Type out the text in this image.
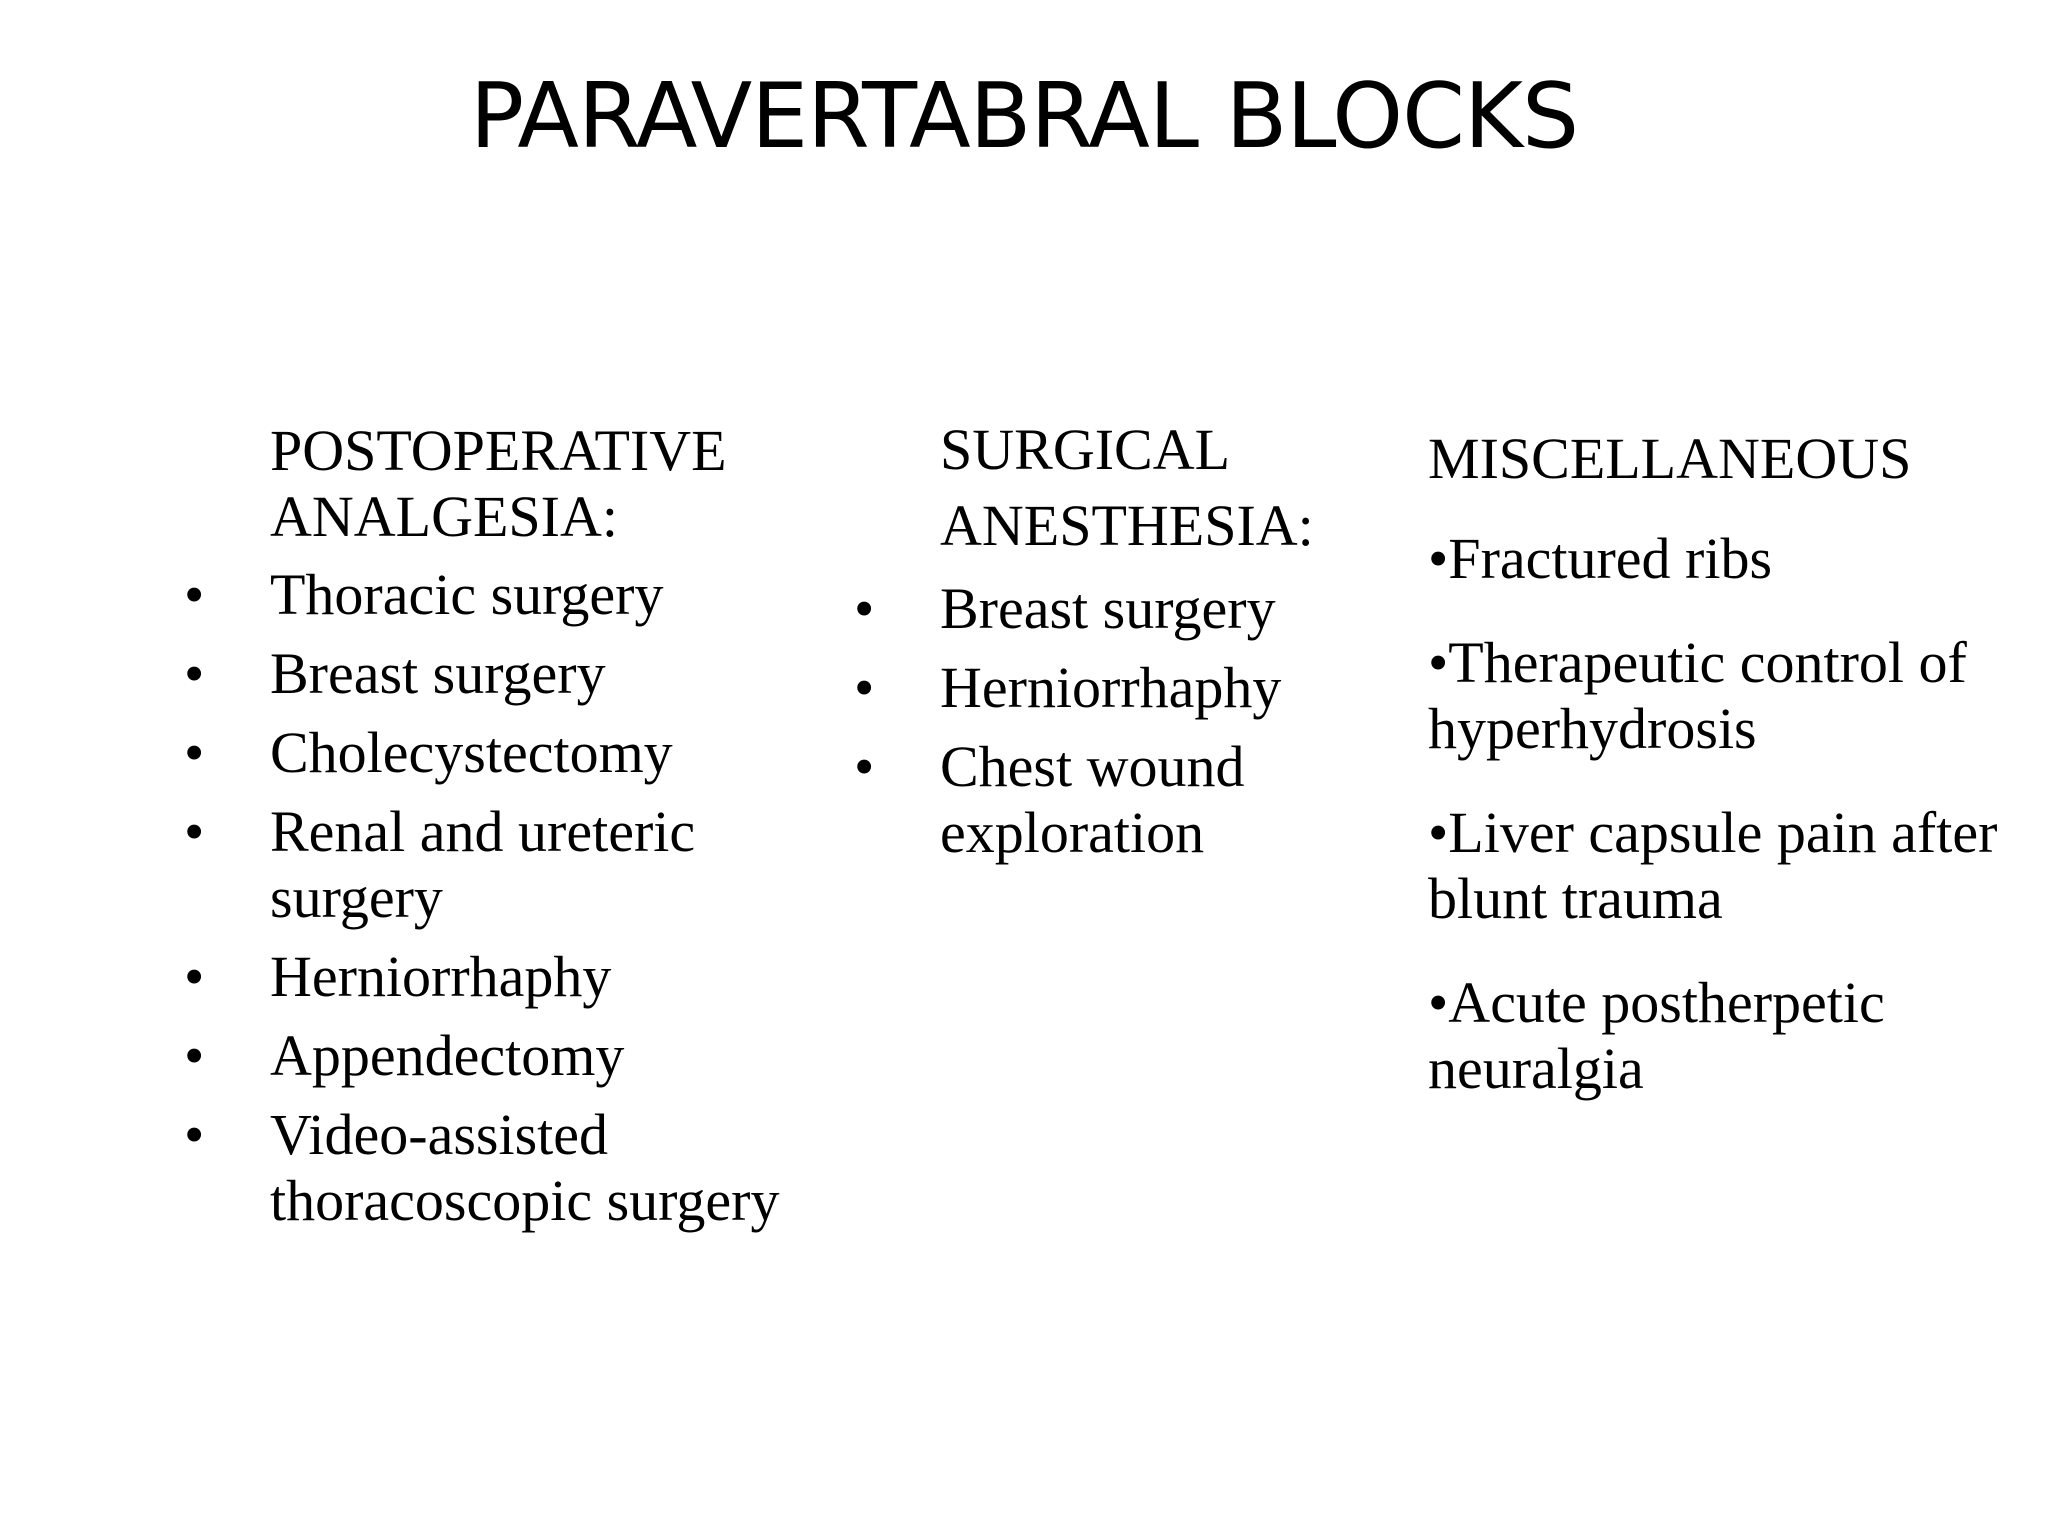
PARAVERTABRAL BLOCKS
POSTOPERATIVE
ANALGESIA:
• Thoracic surgery
• Breast surgery
• Cholecystectomy
• Renal and ureteric surgery
• Herniorrhaphy
• Appendectomy
• Video-assisted thoracoscopic surgery
SURGICAL
ANESTHESIA:
• Breast surgery
• Herniorrhaphy
• Chest wound exploration
MISCELLANEOUS
•Fractured ribs
•Therapeutic control of hyperhydrosis
•Liver capsule pain after blunt trauma
•Acute postherpetic neuralgia
